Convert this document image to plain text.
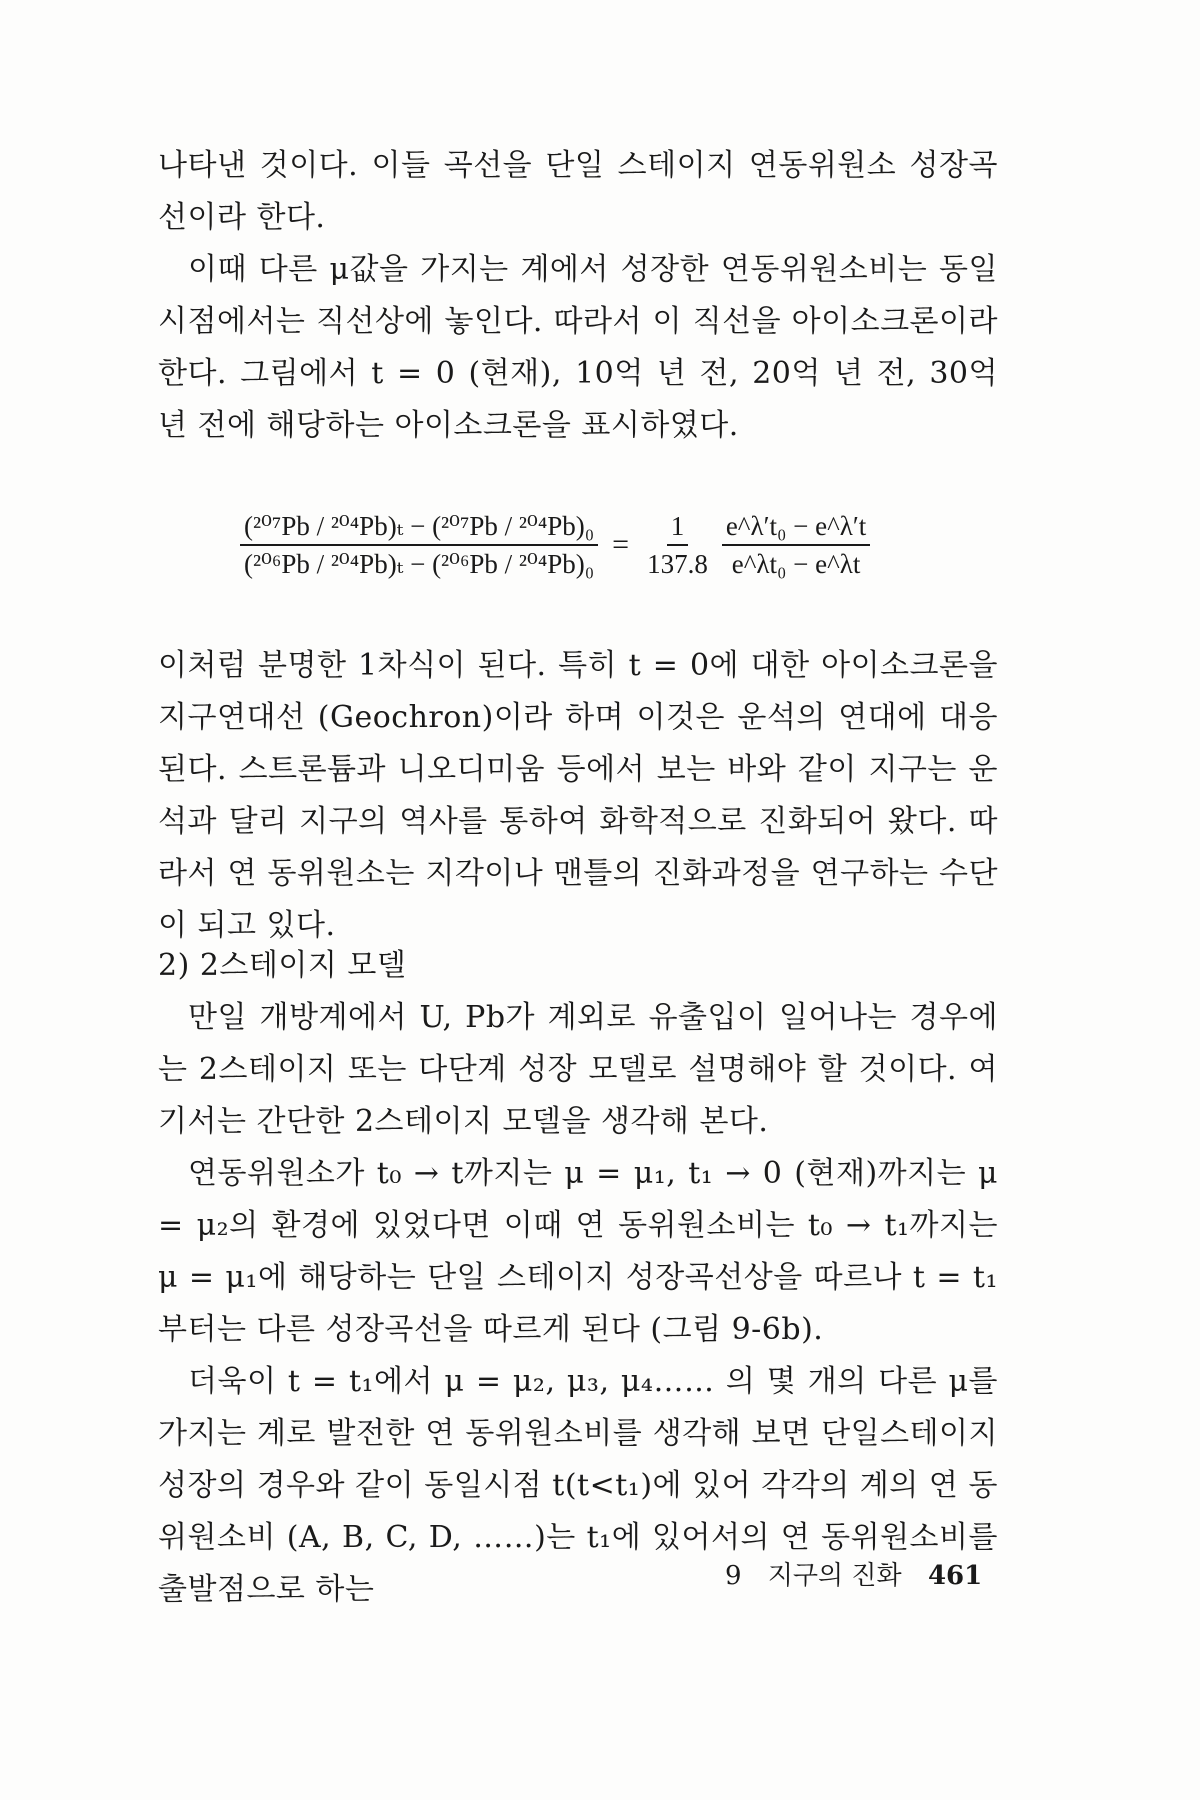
나타낸 것이다. 이들 곡선을 단일 스테이지 연동위원소 성장곡선이라 한다.

이때 다른 μ값을 가지는 계에서 성장한 연동위원소비는 동일 시점에서는 직선상에 놓인다. 따라서 이 직선을 아이소크론이라 한다. 그림에서 t = 0 (현재), 10억 년 전, 20억 년 전, 30억 년 전에 해당하는 아이소크론을 표시하였다.

$\frac{\text{(²⁰⁷Pb / ²⁰⁴Pb)ₜ − (²⁰⁷Pb / ²⁰⁴Pb)₀}}{\text{(²⁰⁶Pb / ²⁰⁴Pb)ₜ − (²⁰⁶Pb / ²⁰⁴Pb)₀}} = \frac{1}{137.8} \frac{\text{e\textasciicircum{}λ′t₀ − e\textasciicircum{}λ′t}}{\text{e\textasciicircum{}λt₀ − e\textasciicircum{}λt}}$

이처럼 분명한 1차식이 된다. 특히 t = 0에 대한 아이소크론을 지구연대선 (Geochron)이라 하며 이것은 운석의 연대에 대응된다. 스트론튬과 니오디미움 등에서 보는 바와 같이 지구는 운석과 달리 지구의 역사를 통하여 화학적으로 진화되어 왔다. 따라서 연 동위원소는 지각이나 맨틀의 진화과정을 연구하는 수단이 되고 있다.

2) 2스테이지 모델

만일 개방계에서 U, Pb가 계외로 유출입이 일어나는 경우에는 2스테이지 또는 다단계 성장 모델로 설명해야 할 것이다. 여기서는 간단한 2스테이지 모델을 생각해 본다.

연동위원소가 t₀ → t까지는 μ = μ₁, t₁ → 0 (현재)까지는 μ = μ₂의 환경에 있었다면 이때 연 동위원소비는 t₀ → t₁까지는 μ = μ₁에 해당하는 단일 스테이지 성장곡선상을 따르나 t = t₁부터는 다른 성장곡선을 따르게 된다 (그림 9-6b).

더욱이 t = t₁에서 μ = μ₂, μ₃, μ₄…… 의 몇 개의 다른 μ를 가지는 계로 발전한 연 동위원소비를 생각해 보면 단일스테이지 성장의 경우와 같이 동일시점 t(t<t₁)에 있어 각각의 계의 연 동위원소비 (A, B, C, D, ……)는 t₁에 있어서의 연 동위원소비를 출발점으로 하는	9 지구의 진화 461
